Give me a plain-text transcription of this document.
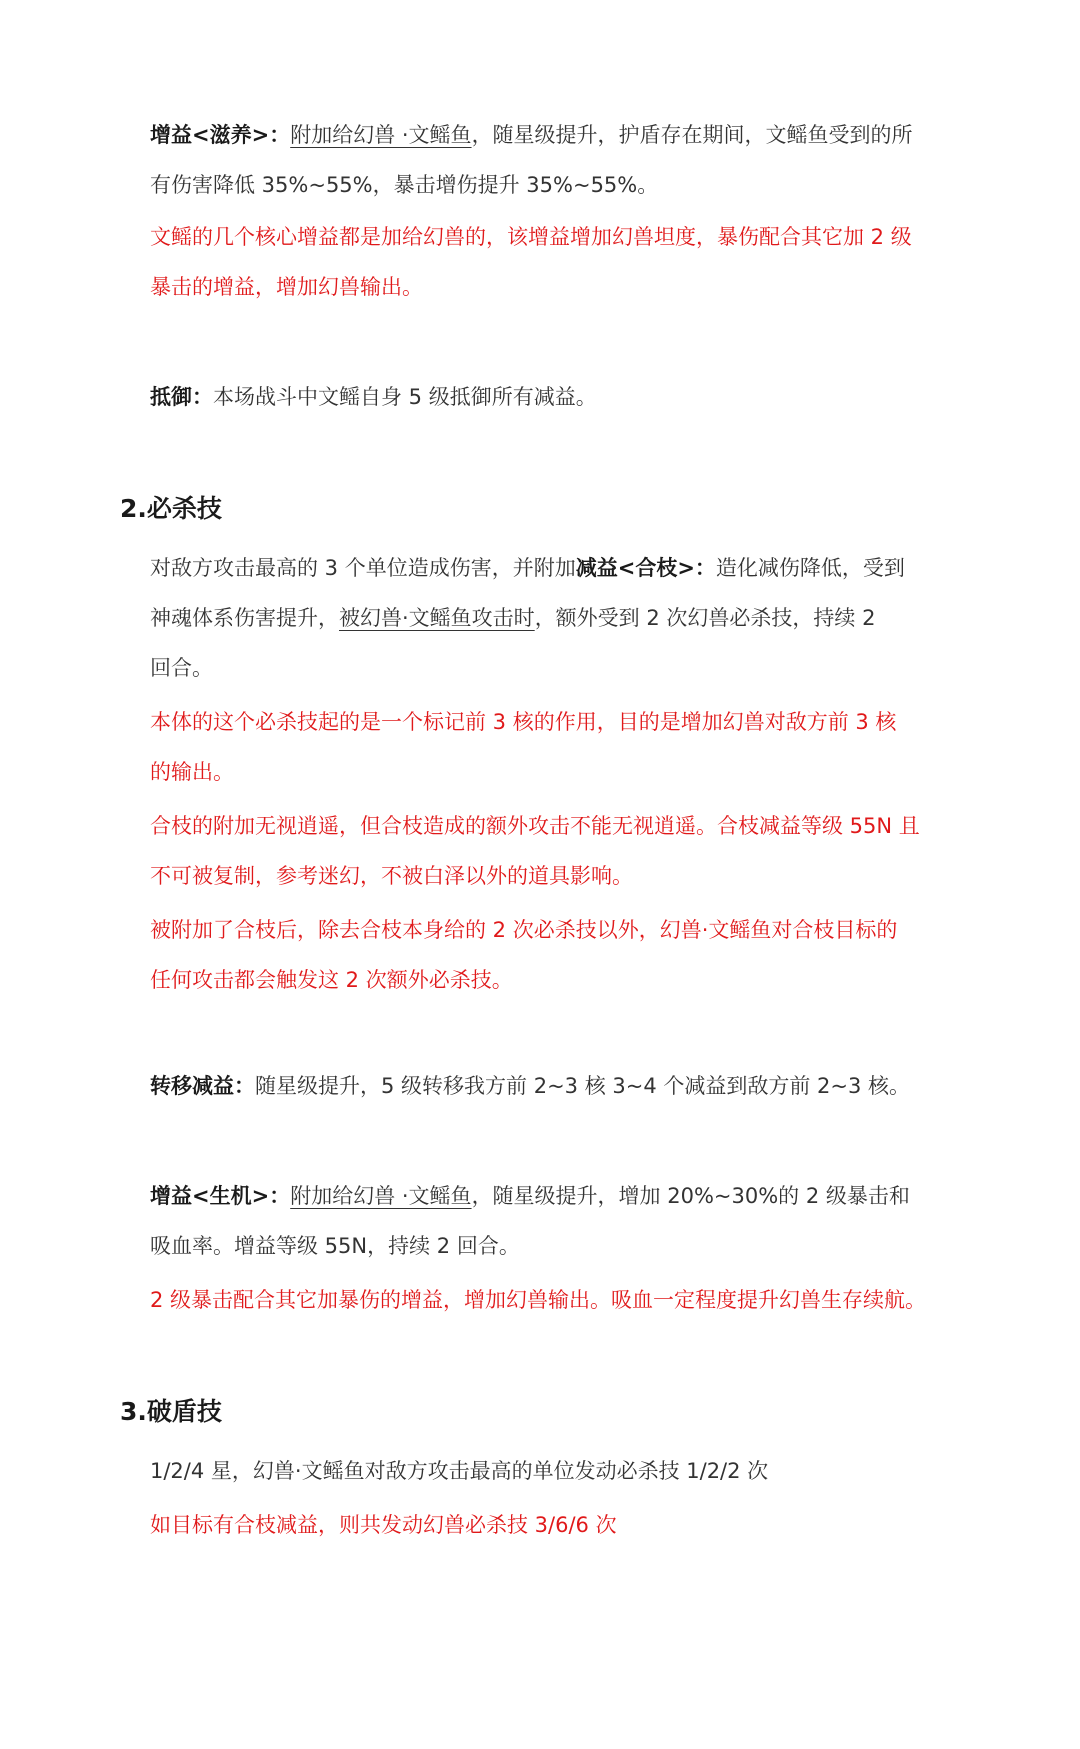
增益<滋养>：附加给幻兽 ·文鳐鱼，随星级提升，护盾存在期间，文鳐鱼受到的所
有伤害降低 35%~55%，暴击增伤提升 35%~55%。
文鳐的几个核心增益都是加给幻兽的，该增益增加幻兽坦度，暴伤配合其它加 2 级
暴击的增益，增加幻兽输出。
抵御：本场战斗中文鳐自身 5 级抵御所有减益。
2.必杀技
对敌方攻击最高的 3 个单位造成伤害，并附加减益<合枝>：造化减伤降低，受到
神魂体系伤害提升，被幻兽·文鳐鱼攻击时，额外受到 2 次幻兽必杀技，持续 2
回合。
本体的这个必杀技起的是一个标记前 3 核的作用，目的是增加幻兽对敌方前 3 核
的输出。
合枝的附加无视逍遥，但合枝造成的额外攻击不能无视逍遥。合枝减益等级 55N 且
不可被复制，参考迷幻，不被白泽以外的道具影响。
被附加了合枝后，除去合枝本身给的 2 次必杀技以外，幻兽·文鳐鱼对合枝目标的
任何攻击都会触发这 2 次额外必杀技。
转移减益：随星级提升，5 级转移我方前 2~3 核 3~4 个减益到敌方前 2~3 核。
增益<生机>：附加给幻兽 ·文鳐鱼，随星级提升，增加 20%~30%的 2 级暴击和
吸血率。增益等级 55N，持续 2 回合。
2 级暴击配合其它加暴伤的增益，增加幻兽输出。吸血一定程度提升幻兽生存续航。
3.破盾技
1/2/4 星，幻兽·文鳐鱼对敌方攻击最高的单位发动必杀技 1/2/2 次
如目标有合枝减益，则共发动幻兽必杀技 3/6/6 次
